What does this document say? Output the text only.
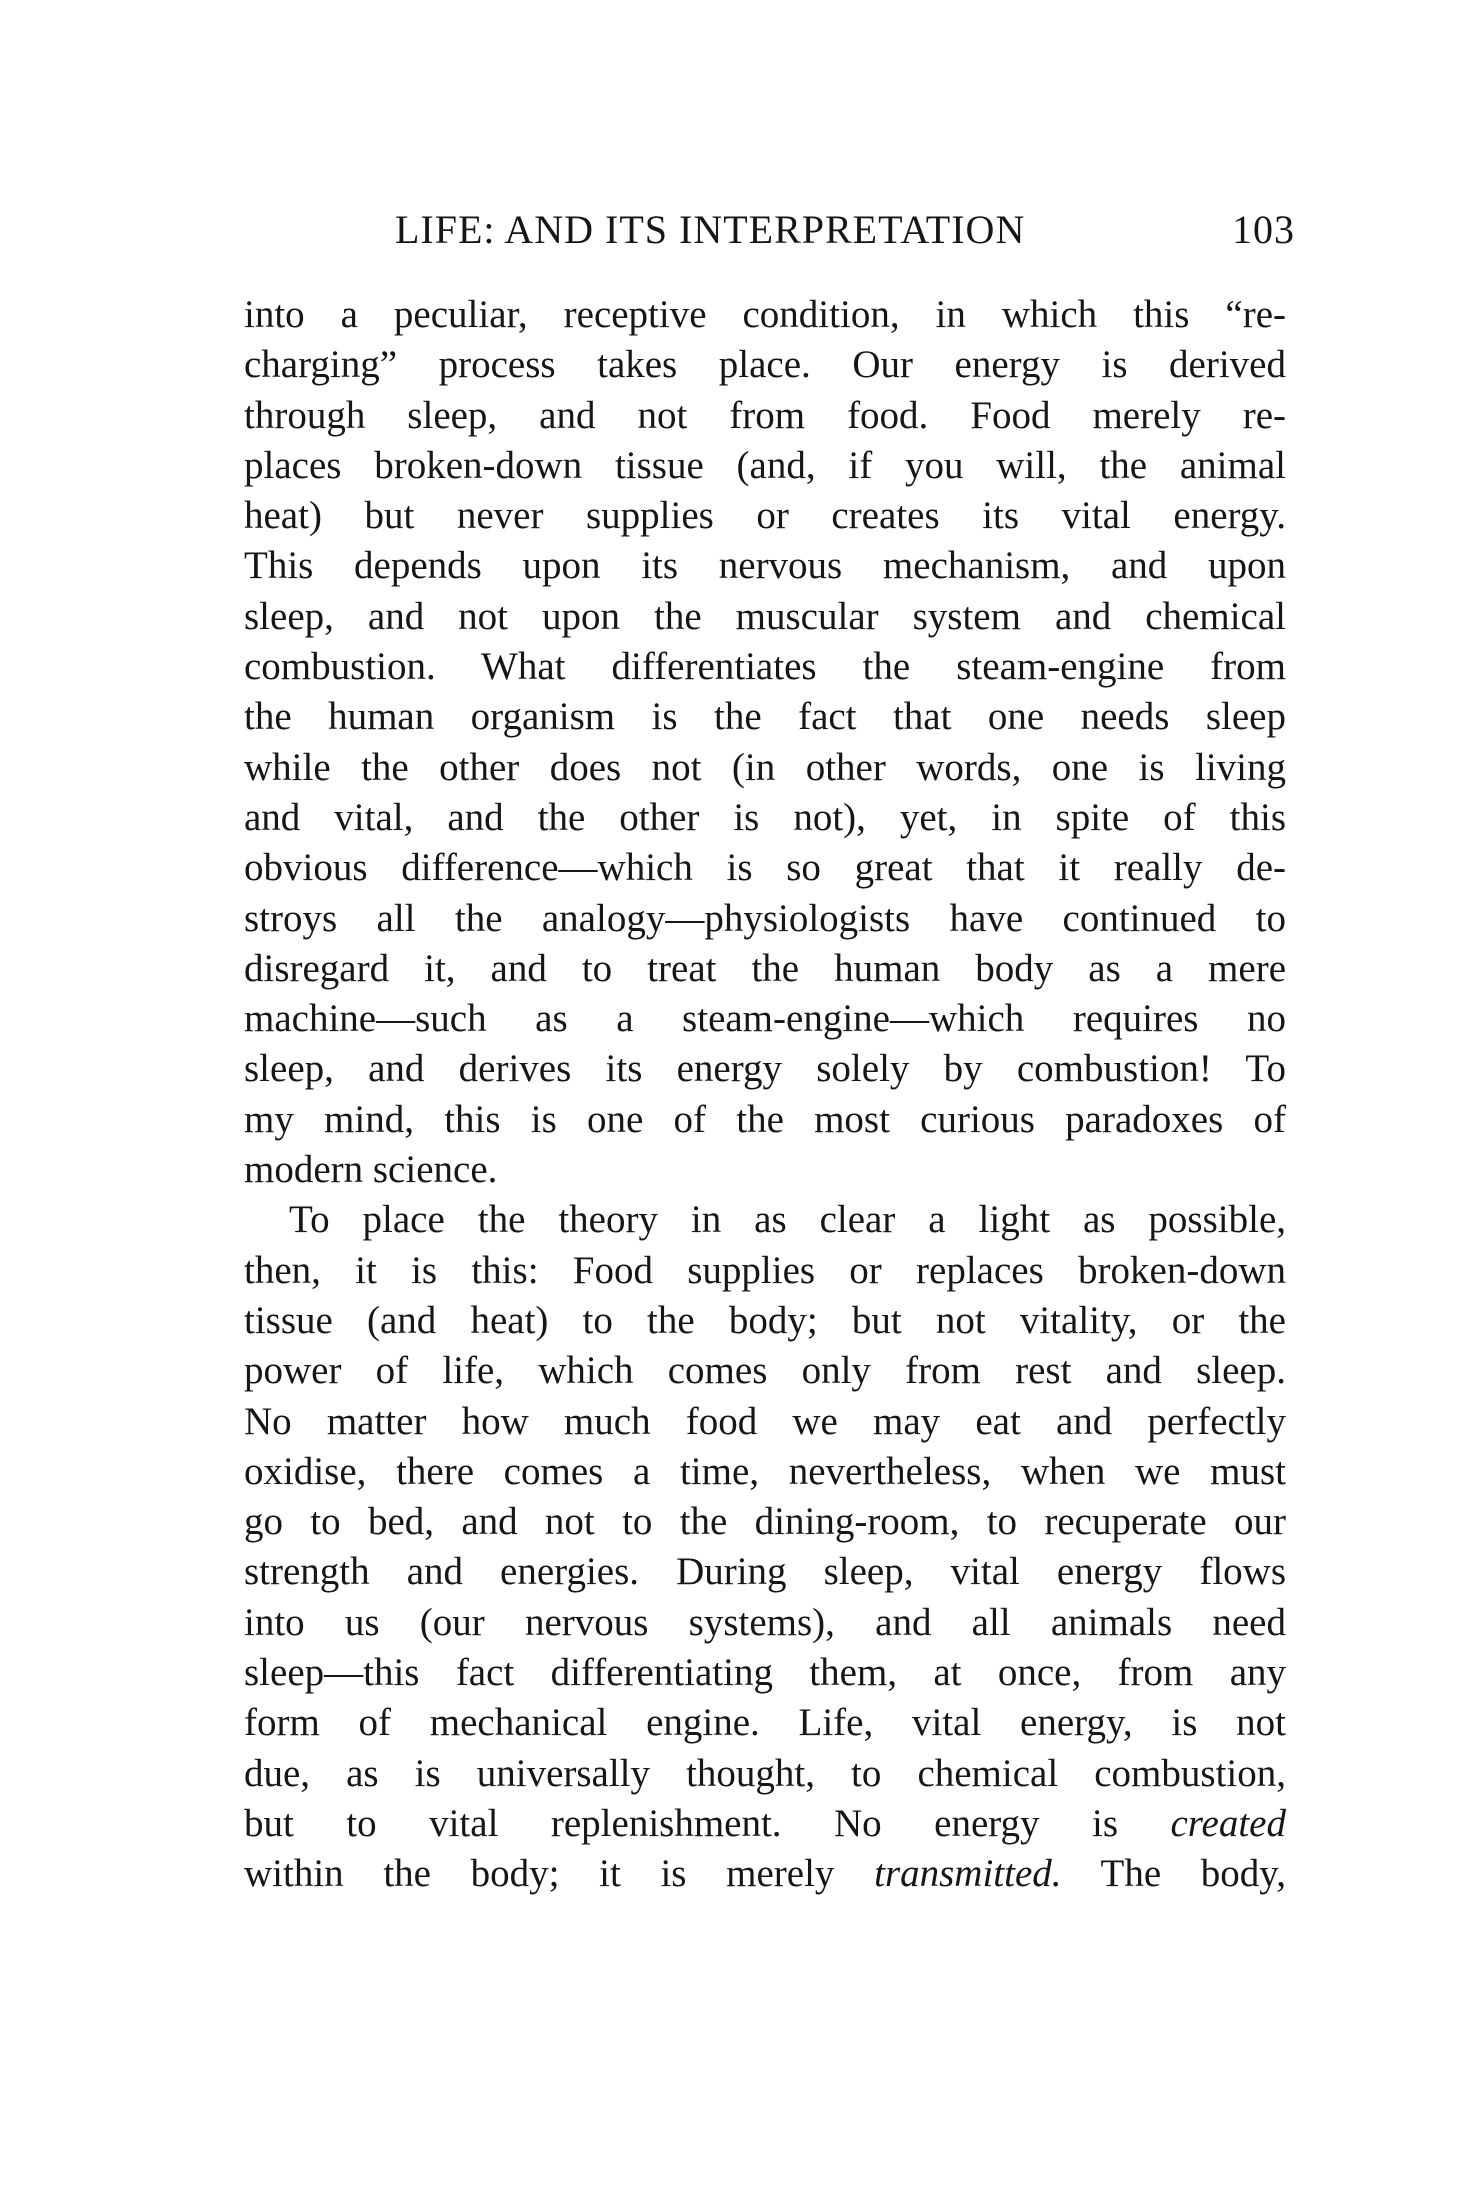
LIFE: AND ITS INTERPRETATION	103
into a peculiar, receptive condition, in which this “re-
charging” process takes place. Our energy is derived
through sleep, and not from food. Food merely re-
places broken-down tissue (and, if you will, the animal
heat) but never supplies or creates its vital energy.
This depends upon its nervous mechanism, and upon
sleep, and not upon the muscular system and chemical
combustion. What differentiates the steam-engine from
the human organism is the fact that one needs sleep
while the other does not (in other words, one is living
and vital, and the other is not), yet, in spite of this
obvious difference—which is so great that it really de-
stroys all the analogy—physiologists have continued to
disregard it, and to treat the human body as a mere
machine—such as a steam-engine—which requires no
sleep, and derives its energy solely by combustion! To
my mind, this is one of the most curious paradoxes of
modern science.
To place the theory in as clear a light as possible,
then, it is this: Food supplies or replaces broken-down
tissue (and heat) to the body; but not vitality, or the
power of life, which comes only from rest and sleep.
No matter how much food we may eat and perfectly
oxidise, there comes a time, nevertheless, when we must
go to bed, and not to the dining-room, to recuperate our
strength and energies. During sleep, vital energy flows
into us (our nervous systems), and all animals need
sleep—this fact differentiating them, at once, from any
form of mechanical engine. Life, vital energy, is not
due, as is universally thought, to chemical combustion,
but to vital replenishment. No energy is created
within the body; it is merely transmitted. The body,
